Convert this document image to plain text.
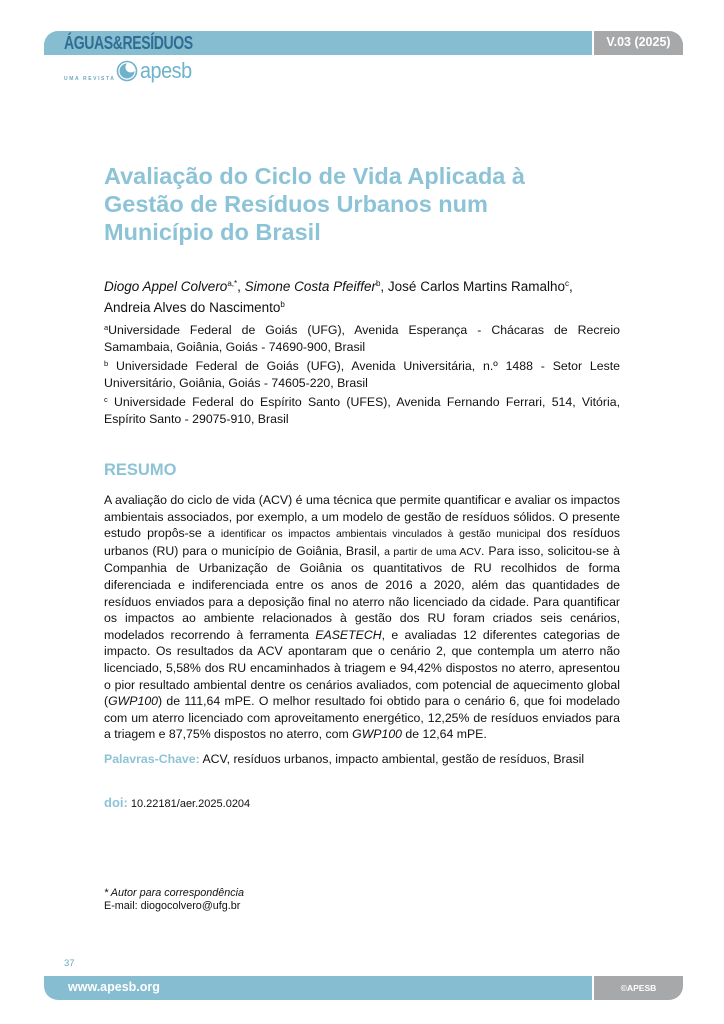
ÁGUAS&RESÍDUOS	V.03 (2025)
UMA REVISTA apesb
Avaliação do Ciclo de Vida Aplicada à Gestão de Resíduos Urbanos num Município do Brasil
Diogo Appel Colvero$^{a,*}$, Simone Costa Pfeiffer$^b$, José Carlos Martins Ramalho$^c$,
Andreia Alves do Nascimento$^b$
$^a$Universidade Federal de Goiás (UFG), Avenida Esperança - Chácaras de Recreio Samambaia, Goiânia, Goiás - 74690-900, Brasil
$^b$ Universidade Federal de Goiás (UFG), Avenida Universitária, n.º 1488 - Setor Leste Universitário, Goiânia, Goiás - 74605-220, Brasil
$^c$ Universidade Federal do Espírito Santo (UFES), Avenida Fernando Ferrari, 514, Vitória, Espírito Santo - 29075-910, Brasil
RESUMO
A avaliação do ciclo de vida (ACV) é uma técnica que permite quantificar e avaliar os impactos ambientais associados, por exemplo, a um modelo de gestão de resíduos sólidos. O presente estudo propôs-se a identificar os impactos ambientais vinculados à gestão municipal dos resíduos urbanos (RU) para o município de Goiânia, Brasil, a partir de uma ACV. Para isso, solicitou-se à Companhia de Urbanização de Goiânia os quantitativos de RU recolhidos de forma diferenciada e indiferenciada entre os anos de 2016 a 2020, além das quantidades de resíduos enviados para a deposição final no aterro não licenciado da cidade. Para quantificar os impactos ao ambiente relacionados à gestão dos RU foram criados seis cenários, modelados recorrendo à ferramenta EASETECH, e avaliadas 12 diferentes categorias de impacto. Os resultados da ACV apontaram que o cenário 2, que contempla um aterro não licenciado, 5,58% dos RU encaminhados à triagem e 94,42% dispostos no aterro, apresentou o pior resultado ambiental dentre os cenários avaliados, com potencial de aquecimento global (GWP100) de 111,64 mPE. O melhor resultado foi obtido para o cenário 6, que foi modelado com um aterro licenciado com aproveitamento energético, 12,25% de resíduos enviados para a triagem e 87,75% dispostos no aterro, com GWP100 de 12,64 mPE.
Palavras-Chave: ACV, resíduos urbanos, impacto ambiental, gestão de resíduos, Brasil
doi: 10.22181/aer.2025.0204
* Autor para correspondência
E-mail: diogocolvero@ufg.br
37
www.apesb.org	©APESB
